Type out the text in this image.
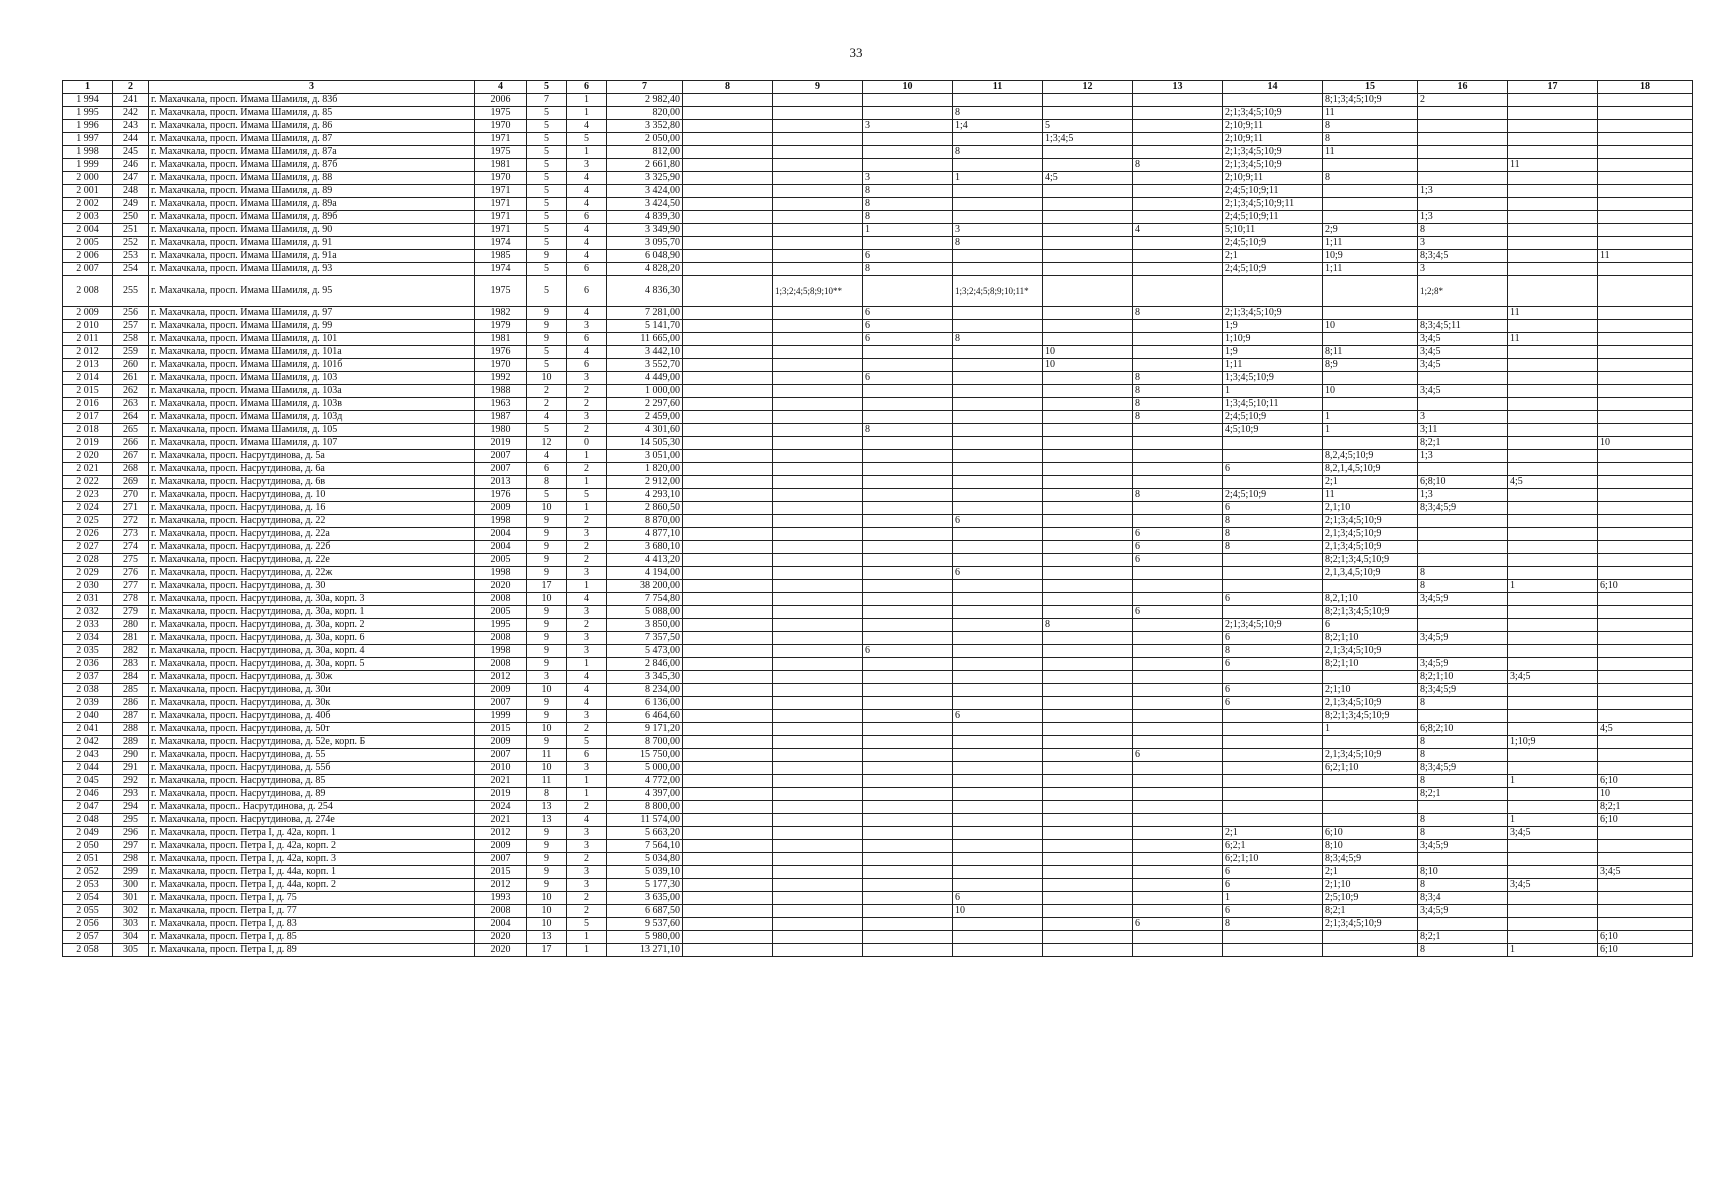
33
1	2	3	4	5	6	7	8	9	10	11	12	13	14	15	16	17	18
1 994	241	г. Махачкала, просп. Имама Шамиля, д. 83б	2006	7	1	2 982,40								8;1;3;4;5;10;9	2		
1 995	242	г. Махачкала, просп. Имама Шамиля, д. 85	1975	5	1	820,00				8			2;1;3;4;5;10;9	11			
1 996	243	г. Махачкала, просп. Имама Шамиля, д. 86	1970	5	4	3 352,80			3	1;4	5		2;10;9;11	8			
1 997	244	г. Махачкала, просп. Имама Шамиля, д. 87	1971	5	5	2 050,00					1;3;4;5		2;10;9;11	8			
1 998	245	г. Махачкала, просп. Имама Шамиля, д. 87а	1975	5	1	812,00				8			2;1;3;4;5;10;9	11			
1 999	246	г. Махачкала, просп. Имама Шамиля, д. 87б	1981	5	3	2 661,80						8	2;1;3;4;5;10;9			11	
2 000	247	г. Махачкала, просп. Имама Шамиля, д. 88	1970	5	4	3 325,90			3	1	4;5		2;10;9;11	8			
2 001	248	г. Махачкала, просп. Имама Шамиля, д. 89	1971	5	4	3 424,00			8				2;4;5;10;9;11		1;3		
2 002	249	г. Махачкала, просп. Имама Шамиля, д. 89а	1971	5	4	3 424,50			8				2;1;3;4;5;10;9;11				
2 003	250	г. Махачкала, просп. Имама Шамиля, д. 89б	1971	5	6	4 839,30			8				2;4;5;10;9;11		1;3		
2 004	251	г. Махачкала, просп. Имама Шамиля, д. 90	1971	5	4	3 349,90			1	3		4	5;10;11	2;9	8		
2 005	252	г. Махачкала, просп. Имама Шамиля, д. 91	1974	5	4	3 095,70				8			2;4;5;10;9	1;11	3		
2 006	253	г. Махачкала, просп. Имама Шамиля, д. 91а	1985	9	4	6 048,90			6				2;1	10;9	8;3;4;5		11
2 007	254	г. Махачкала, просп. Имама Шамиля, д. 93	1974	5	6	4 828,20			8				2;4;5;10;9	1;11	3		
2 008	255	г. Махачкала, просп. Имама Шамиля, д. 95	1975	5	6	4 836,30		1;3;2;4;5;8;9;10**		1;3;2;4;5;8;9;10;11*					1;2;8*		
2 009	256	г. Махачкала, просп. Имама Шамиля, д. 97	1982	9	4	7 281,00			6			8	2;1;3;4;5;10;9			11	
2 010	257	г. Махачкала, просп. Имама Шамиля, д. 99	1979	9	3	5 141,70			6				1;9	10	8;3;4;5;11		
2 011	258	г. Махачкала, просп. Имама Шамиля, д. 101	1981	9	6	11 665,00			6	8			1;10;9		3;4;5	11	
2 012	259	г. Махачкала, просп. Имама Шамиля, д. 101а	1976	5	4	3 442,10					10		1;9	8;11	3;4;5		
2 013	260	г. Махачкала, просп. Имама Шамиля, д. 101б	1970	5	6	3 552,70					10		1;11	8;9	3;4;5		
2 014	261	г. Махачкала, просп. Имама Шамиля, д. 103	1992	10	3	4 449,00			6			8	1;3;4;5;10;9				
2 015	262	г. Махачкала, просп. Имама Шамиля, д. 103а	1988	2	2	1 000,00						8	1	10	3;4;5		
2 016	263	г. Махачкала, просп. Имама Шамиля, д. 103в	1963	2	2	2 297,60						8	1;3;4;5;10;11				
2 017	264	г. Махачкала, просп. Имама Шамиля, д. 103д	1987	4	3	2 459,00						8	2;4;5;10;9	1	3		
2 018	265	г. Махачкала, просп. Имама Шамиля, д. 105	1980	5	2	4 301,60			8				4;5;10;9	1	3;11		
2 019	266	г. Махачкала, просп. Имама Шамиля, д. 107	2019	12	0	14 505,30									8;2;1		10
2 020	267	г. Махачкала, просп. Насрутдинова, д. 5а	2007	4	1	3 051,00								8,2,4;5;10;9	1;3		
2 021	268	г. Махачкала, просп. Насрутдинова, д. 6а	2007	6	2	1 820,00							6	8,2,1,4,5;10;9			
2 022	269	г. Махачкала, просп. Насрутдинова, д. 6в	2013	8	1	2 912,00								2;1	6;8;10	4;5	
2 023	270	г. Махачкала, просп. Насрутдинова, д. 10	1976	5	5	4 293,10						8	2;4;5;10;9	11	1;3		
2 024	271	г. Махачкала, просп. Насрутдинова, д. 16	2009	10	1	2 860,50							6	2,1;10	8;3;4;5;9		
2 025	272	г. Махачкала, просп. Насрутдинова, д. 22	1998	9	2	8 870,00				6			8	2;1;3;4;5;10;9			
2 026	273	г. Махачкала, просп. Насрутдинова, д. 22а	2004	9	3	4 877,10						6	8	2,1;3;4;5;10;9			
2 027	274	г. Махачкала, просп. Насрутдинова, д. 22б	2004	9	2	3 680,10						6	8	2,1;3;4;5;10;9			
2 028	275	г. Махачкала, просп. Насрутдинова, д. 22е	2005	9	2	4 413,20						6		8;2;1;3;4,5;10;9			
2 029	276	г. Махачкала, просп. Насрутдинова, д. 22ж	1998	9	3	4 194,00				6				2,1,3,4,5;10;9	8		
2 030	277	г. Махачкала, просп. Насрутдинова, д. 30	2020	17	1	38 200,00									8	1	6;10
2 031	278	г. Махачкала, просп. Насрутдинова, д. 30а, корп. 3	2008	10	4	7 754,80							6	8,2,1;10	3;4;5;9		
2 032	279	г. Махачкала, просп. Насрутдинова, д. 30а, корп. 1	2005	9	3	5 088,00						6		8;2;1;3;4;5;10;9			
2 033	280	г. Махачкала, просп. Насрутдинова, д. 30а, корп. 2	1995	9	2	3 850,00					8		2;1;3;4;5;10;9	6			
2 034	281	г. Махачкала, просп. Насрутдинова, д. 30а, корп. 6	2008	9	3	7 357,50							6	8;2;1;10	3;4;5;9		
2 035	282	г. Махачкала, просп. Насрутдинова, д. 30а, корп. 4	1998	9	3	5 473,00			6				8	2,1;3;4;5;10;9			
2 036	283	г. Махачкала, просп. Насрутдинова, д. 30а, корп. 5	2008	9	1	2 846,00							6	8;2;1;10	3;4;5;9		
2 037	284	г. Махачкала, просп. Насрутдинова, д. 30ж	2012	3	4	3 345,30									8;2;1;10	3;4;5	
2 038	285	г. Махачкала, просп. Насрутдинова, д. 30и	2009	10	4	8 234,00							6	2;1;10	8;3;4;5;9		
2 039	286	г. Махачкала, просп. Насрутдинова, д. 30к	2007	9	4	6 136,00							6	2,1;3;4;5;10;9	8		
2 040	287	г. Махачкала, просп. Насрутдинова, д. 40б	1999	9	3	6 464,60				6				8;2;1;3;4;5;10;9			
2 041	288	г. Махачкала, просп. Насрутдинова, д. 50т	2015	10	2	9 171,20								1	6;8;2;10		4;5
2 042	289	г. Махачкала, просп. Насрутдинова, д. 52е, корп. Б	2009	9	5	8 700,00									8	1;10;9	
2 043	290	г. Махачкала, просп. Насрутдинова, д. 55	2007	11	6	15 750,00						6		2,1;3;4;5;10;9	8		
2 044	291	г. Махачкала, просп. Насрутдинова, д. 55б	2010	10	3	5 000,00								6;2;1;10	8;3;4;5;9		
2 045	292	г. Махачкала, просп. Насрутдинова, д. 85	2021	11	1	4 772,00									8	1	6;10
2 046	293	г. Махачкала, просп. Насрутдинова, д. 89	2019	8	1	4 397,00									8;2;1		10
2 047	294	г. Махачкала, просп.. Насрутдинова, д. 254	2024	13	2	8 800,00											8;2;1
2 048	295	г. Махачкала, просп. Насрутдинова, д. 274е	2021	13	4	11 574,00									8	1	6;10
2 049	296	г. Махачкала, просп. Петра I, д. 42а, корп. 1	2012	9	3	5 663,20							2;1	6;10	8	3;4;5	
2 050	297	г. Махачкала, просп. Петра I, д. 42а, корп. 2	2009	9	3	7 564,10							6;2;1	8;10	3;4;5;9		
2 051	298	г. Махачкала, просп. Петра I, д. 42а, корп. 3	2007	9	2	5 034,80							6;2;1;10	8;3;4;5;9			
2 052	299	г. Махачкала, просп. Петра I, д. 44а, корп. 1	2015	9	3	5 039,10							6	2;1	8;10		3;4;5
2 053	300	г. Махачкала, просп. Петра I, д. 44а, корп. 2	2012	9	3	5 177,30							6	2;1;10	8	3;4;5	
2 054	301	г. Махачкала, просп. Петра I, д. 75	1993	10	2	3 635,00				6			1	2;5;10;9	8;3;4		
2 055	302	г. Махачкала, просп. Петра I, д. 77	2008	10	2	6 687,50				10			6	8;2;1	3;4;5;9		
2 056	303	г. Махачкала, просп. Петра I, д. 83	2004	10	5	9 537,60						6	8	2;1;3;4;5;10;9			
2 057	304	г. Махачкала, просп. Петра I, д. 85	2020	13	1	5 980,00									8;2;1		6;10
2 058	305	г. Махачкала, просп. Петра I, д. 89	2020	17	1	13 271,10									8	1	6;10
